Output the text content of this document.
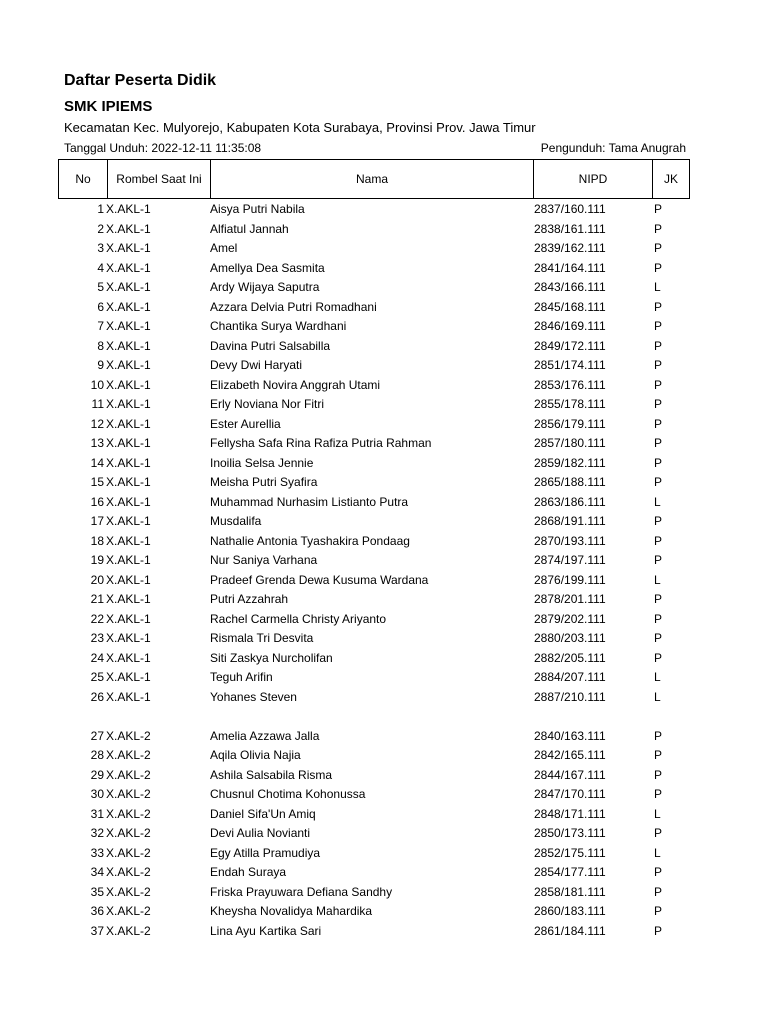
Daftar Peserta Didik
SMK IPIEMS
Kecamatan Kec. Mulyorejo, Kabupaten Kota Surabaya, Provinsi Prov. Jawa Timur
Tanggal Unduh: 2022-12-11 11:35:08	Pengunduh: Tama Anugrah
No	Rombel Saat Ini	Nama	NIPD	JK
1 X.AKL-1	Aisya Putri Nabila	2837/160.111	P
2 X.AKL-1	Alfiatul Jannah	2838/161.111	P
3 X.AKL-1	Amel	2839/162.111	P
4 X.AKL-1	Amellya Dea Sasmita	2841/164.111	P
5 X.AKL-1	Ardy Wijaya Saputra	2843/166.111	L
6 X.AKL-1	Azzara Delvia Putri Romadhani	2845/168.111	P
7 X.AKL-1	Chantika Surya Wardhani	2846/169.111	P
8 X.AKL-1	Davina Putri Salsabilla	2849/172.111	P
9 X.AKL-1	Devy Dwi Haryati	2851/174.111	P
10 X.AKL-1	Elizabeth Novira Anggrah Utami	2853/176.111	P
11 X.AKL-1	Erly Noviana Nor Fitri	2855/178.111	P
12 X.AKL-1	Ester Aurellia	2856/179.111	P
13 X.AKL-1	Fellysha Safa Rina Rafiza Putria Rahman	2857/180.111	P
14 X.AKL-1	Inoilia Selsa Jennie	2859/182.111	P
15 X.AKL-1	Meisha Putri Syafira	2865/188.111	P
16 X.AKL-1	Muhammad Nurhasim Listianto Putra	2863/186.111	L
17 X.AKL-1	Musdalifa	2868/191.111	P
18 X.AKL-1	Nathalie Antonia Tyashakira Pondaag	2870/193.111	P
19 X.AKL-1	Nur Saniya Varhana	2874/197.111	P
20 X.AKL-1	Pradeef Grenda Dewa Kusuma Wardana	2876/199.111	L
21 X.AKL-1	Putri Azzahrah	2878/201.111	P
22 X.AKL-1	Rachel Carmella Christy Ariyanto	2879/202.111	P
23 X.AKL-1	Rismala Tri Desvita	2880/203.111	P
24 X.AKL-1	Siti Zaskya Nurcholifan	2882/205.111	P
25 X.AKL-1	Teguh Arifin	2884/207.111	L
26 X.AKL-1	Yohanes Steven	2887/210.111	L
27 X.AKL-2	Amelia Azzawa Jalla	2840/163.111	P
28 X.AKL-2	Aqila Olivia Najia	2842/165.111	P
29 X.AKL-2	Ashila Salsabila Risma	2844/167.111	P
30 X.AKL-2	Chusnul Chotima Kohonussa	2847/170.111	P
31 X.AKL-2	Daniel Sifa'Un Amiq	2848/171.111	L
32 X.AKL-2	Devi Aulia Novianti	2850/173.111	P
33 X.AKL-2	Egy Atilla Pramudiya	2852/175.111	L
34 X.AKL-2	Endah Suraya	2854/177.111	P
35 X.AKL-2	Friska Prayuwara Defiana Sandhy	2858/181.111	P
36 X.AKL-2	Kheysha Novalidya Mahardika	2860/183.111	P
37 X.AKL-2	Lina Ayu Kartika Sari	2861/184.111	P
